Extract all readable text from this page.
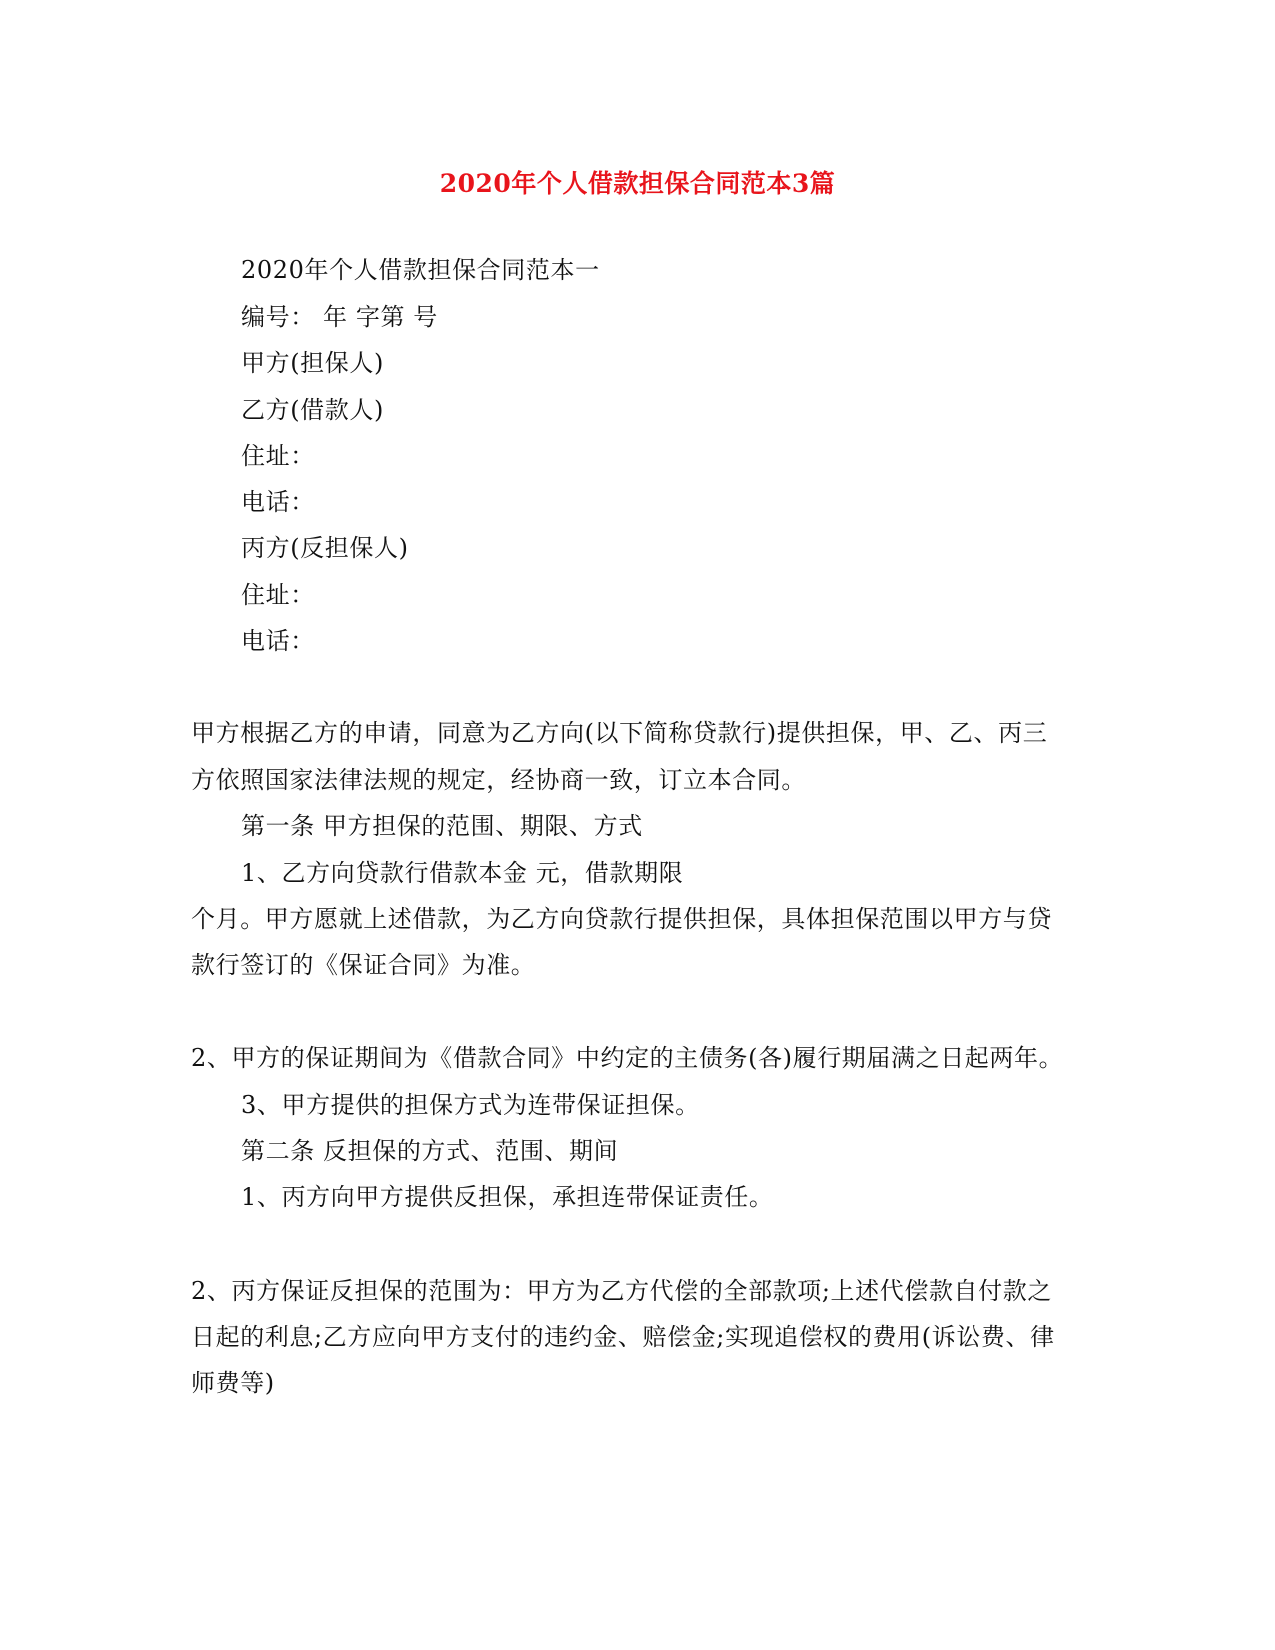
2020年个人借款担保合同范本3篇
2020年个人借款担保合同范本一
编号： 年 字第 号
甲方(担保人)
乙方(借款人)
住址：
电话：
丙方(反担保人)
住址：
电话：
甲方根据乙方的申请，同意为乙方向(以下简称贷款行)提供担保，甲、乙、丙三
方依照国家法律法规的规定，经协商一致，订立本合同。
第一条 甲方担保的范围、期限、方式
1、乙方向贷款行借款本金 元，借款期限
个月。甲方愿就上述借款，为乙方向贷款行提供担保，具体担保范围以甲方与贷
款行签订的《保证合同》为准。
2、甲方的保证期间为《借款合同》中约定的主债务(各)履行期届满之日起两年。
3、甲方提供的担保方式为连带保证担保。
第二条 反担保的方式、范围、期间
1、丙方向甲方提供反担保，承担连带保证责任。
2、丙方保证反担保的范围为：甲方为乙方代偿的全部款项;上述代偿款自付款之
日起的利息;乙方应向甲方支付的违约金、赔偿金;实现追偿权的费用(诉讼费、律
师费等)
